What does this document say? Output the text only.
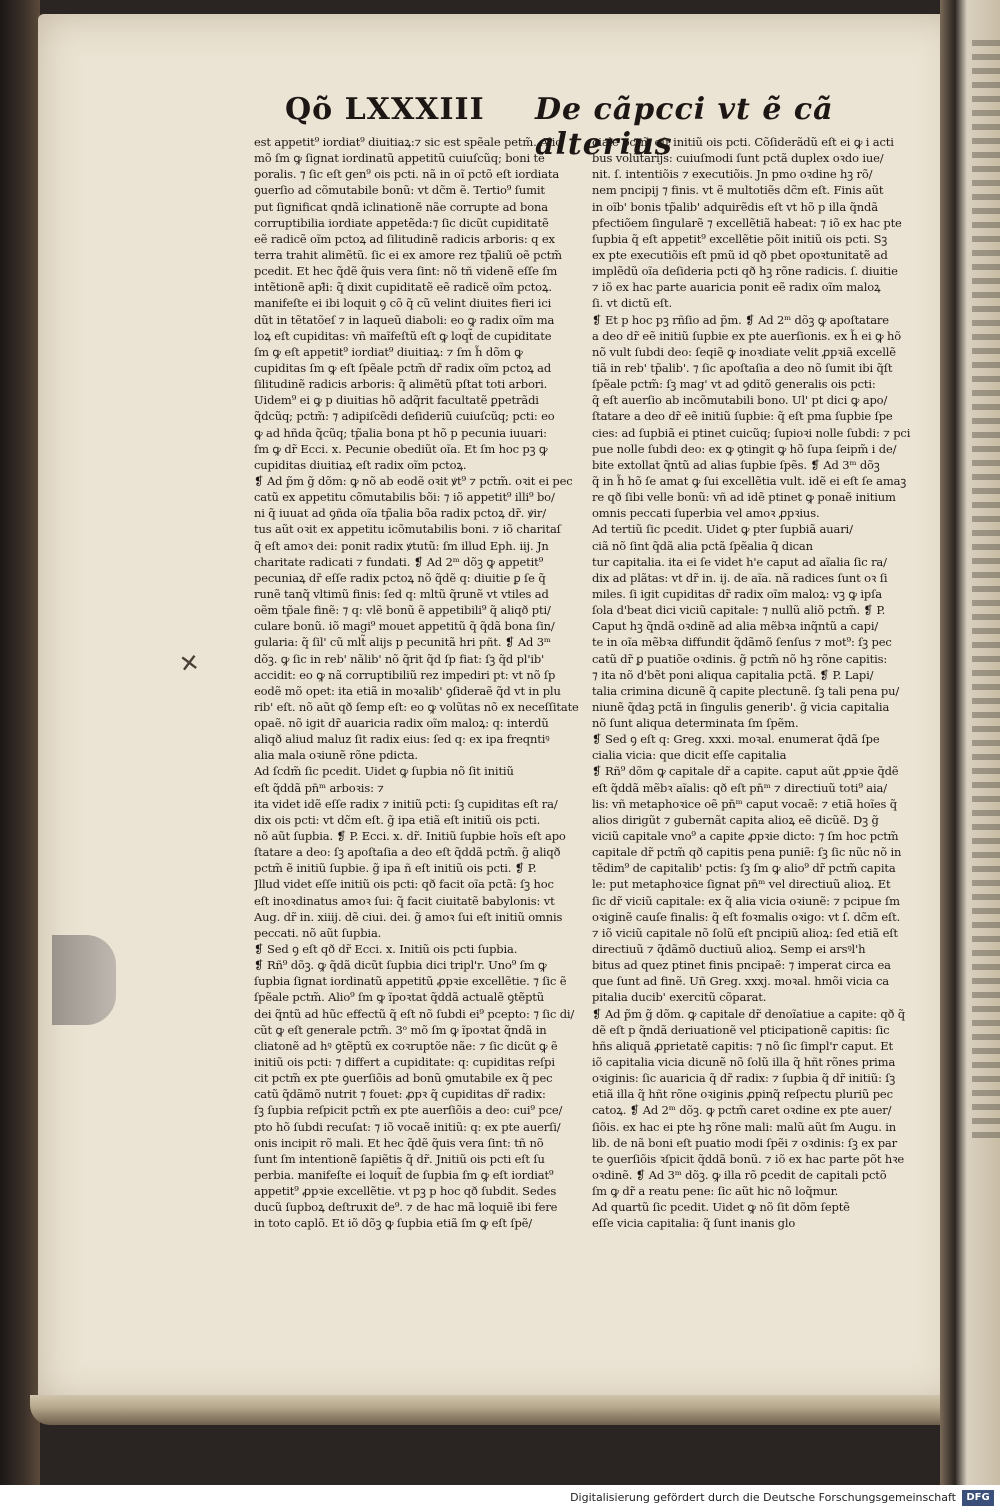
Qõ LXXXIII De cãpcci vt ẽ cã alterius
✕
est appetit⁹ iordiat⁹ diuitiaꝝ:⁊ sic est spẽale petm̃. Alio
mõ ſm ꝙ ſignat iordinatũ appetitũ cuiuſcũq; boni tẽ
poralis. ⁊ ſic eſt gen⁹ ois pcti. nã in oĩ pctõ eſt iordiata
ꝯuerſio ad cõmutabile bonũ: vt dc̃m ẽ. Tertio⁹ ſumit
put ſignificat qndã iclinationẽ nãe corrupte ad bona
corruptibilia iordiate appetẽda:⁊ ſic dicũt cupiditatẽ
eẽ radicẽ oĩm pctoꝝ ad ſilitudinẽ radicis arboris: q ex
terra trahit alimẽtũ. ſic ei ex amore rez tp̃aliũ oẽ pctm̃
pcedit. Et hec q̃dẽ q̃uis vera ſint: nõ tñ videnẽ eſſe ſm
intẽtionẽ apł̃i: q̃ dixit cupiditatẽ eẽ radicẽ oĩm pctoꝝ.
manifeſte ei ibi loquit ꝯ cõ q̃ cũ velint diuites fieri ici
dũt in tẽtatõeſ ⁊ in laqueũ diaboli: eo ꝙ radix oĩm ma
loꝝ eſt cupiditas: vñ maĩfeſtũ eſt ꝙ loqt̃ de cupiditate
ſm ꝙ eſt appetit⁹ iordiat⁹ diuitiaꝝ: ⁊ ſm h̃ dõm ꝙ
cupiditas ſm ꝙ eſt ſpẽale pctm̃ dr̃ radix oĩm pctoꝝ ad
ſilitudinẽ radicis arboris: q̃ alimẽtũ pſtat toti arbori.
Uidem⁹ ei ꝙ p diuitias hõ adq̃rit facultatẽ ꝑpetrãdi
q̃dcũq; pctm̃: ⁊ adipiſcẽdi deſideriũ cuiuſcũq; pcti: eo
ꝙ ad hñda q̃cũq; tp̃alia bona pt hõ p pecunia iuuari:
ſm ꝙ dr̃ Ecci. x. Pecunie obediũt oĩa. Et ſm hoc pꝫ ꝙ
cupiditas diuitiaꝝ eſt radix oĩm pctoꝝ.
❡ Ad p̃m g̃ dõm: ꝙ nõ ab eodẽ oꝛit ꝟt⁹ ⁊ pctm̃. oꝛit ei pec
catũ ex appetitu cõmutabilis bõi: ⁊ iõ appetit⁹ illi⁹ bo/
ni q̃ iuuat ad ꝯñda oĩa tp̃alia bõa radix pctoꝝ dr̃. ꝟir/
tus aũt oꝛit ex appetitu icõmutabilis boni. ⁊ iõ charitaſ
q̃ eſt amoꝛ dei: ponit radix ꝟtutũ: ſm illud Eph. iij. Jn
charitate radicati ⁊ fundati. ❡ Ad 2ᵐ dõꝫ ꝙ appetit⁹
pecuniaꝝ dr̃ eſſe radix pctoꝝ nõ q̃dẽ q: diuitie ꝑ ſe q̃
runẽ tanq̃ vltimũ finis: ſed q: mltũ q̃runẽ vt vtiles ad
oẽm tp̃ale finẽ: ⁊ q: vlẽ bonũ ẽ appetibili⁹ q̃ aliqð pti/
culare bonũ. iõ magi⁹ mouet appetitũ q̃ q̃dã bona ſin/
gularia: q̃ ſil' cũ mlt̃ alijs p pecunitã hri pñt. ❡ Ad 3ᵐ
dõꝫ. ꝙ ſic in reb' nãlib' nõ q̃rit q̃d ſp fiat: ſꝫ q̃d pl'ib'
accidit: eo ꝙ nã corruptibiliũ rez impediri pt: vt nõ ſp
eodẽ mõ opet: ita etiã in moꝛalib' ꝯſideraẽ q̃d vt in plu
rib' eſt. nõ aũt qð ſemp eſt: eo ꝙ volũtas nõ ex neceſſitate
opaẽ. nõ igit dr̃ auaricia radix oĩm maloꝝ: q: interdũ
aliqð aliud maluz ſit radix eius: ſed q: ex ipa freqntiꝰ
alia mala oꝛiunẽ rõne pdicta.
Ad ſcdm̃ ſic pcedit. Uidet ꝙ ſupbia nõ ſit initiũ
eſt q̃ddã pn̄ᵐ arboꝛis: ⁊
ita videt idẽ eſſe radix ⁊ initiũ pcti: ſꝫ cupiditas eſt ra/
dix ois pcti: vt dc̃m eſt. g̃ ipa etiã eſt initiũ ois pcti.
nõ aũt ſupbia. ❡ P. Ecci. x. dr̃. Initiũ ſupbie hoĩs eſt apo
ſtatare a deo: ſꝫ apoſtaſia a deo eſt q̃ddã pctm̃. g̃ aliqð
pctm̃ ẽ initiũ ſupbie. g̃ ipa ñ eſt initiũ ois pcti. ❡ P.
Jllud videt eſſe initiũ ois pcti: qð facit oĩa pctã: ſꝫ hoc
eſt inoꝛdinatus amoꝛ ſui: q̃ facit ciuitatẽ babylonis: vt
Aug. dr̃ in. xiiij. dẽ ciui. dei. g̃ amoꝛ ſui eſt initiũ omnis
peccati. nõ aũt ſupbia.
❡ Sed ꝯ eſt qð dr̃ Ecci. x. Initiũ ois pcti ſupbia.
❡ Rñ⁹ dõꝫ. ꝙ q̃dã dicũt ſupbia dici tripl'r. Uno⁹ ſm ꝙ
ſupbia ſignat iordinatũ appetitũ ꝓpꝛie excellẽtie. ⁊ ſic ẽ
ſpẽale pctm̃. Alio⁹ ſm ꝙ ĩpoꝛtat q̃ddã actualẽ ꝯtẽptũ
dei q̃ntũ ad hũc effectũ q̃ eſt nõ ſubdi ei⁹ pcepto: ⁊ ſic di/
cũt ꝙ eſt generale pctm̃. 3ᵒ mõ ſm ꝙ ĩpoꝛtat q̃ndã in
cliatonẽ ad hꝰ ꝯtẽptũ ex coꝛruptõe nãe: ⁊ ſic dicũt ꝙ ẽ
initiũ ois pcti: ⁊ differt a cupiditate: q: cupiditas reſpi
cit pctm̃ ex pte ꝯuerſiõis ad bonũ ꝯmutabile ex q̃ pec
catũ q̃dãmõ nutrit ⁊ fouet: ꝓpꝛ q̃ cupiditas dr̃ radix:
ſꝫ ſupbia reſpicit pctm̃ ex pte auerſiõis a deo: cui⁹ pce/
pto hõ ſubdi recuſat: ⁊ iõ vocaẽ initiũ: q: ex pte auerſi/
onis incipit rõ mali. Et hec q̃dẽ q̃uis vera ſint: tñ nõ
ſunt ſm intentionẽ ſapiẽtis q̃ dr̃. Jnitiũ ois pcti eſt ſu
perbia. manifeſte ei loquit̃ de ſupbia ſm ꝙ eſt iordiat⁹
appetit⁹ ꝓpꝛie excellẽtie. vt pꝫ p hoc qð ſubdit. Sedes
ducũ ſupboꝝ deſtruxit de⁹. ⁊ de hac mã loquiẽ ibi fere
in toto caplõ. Et iõ dõꝫ ꝙ ſupbia etiã ſm ꝙ eſt ſpẽ/
ciale pctm̃ eſt initiũ ois pcti. Cõſiderãdũ eſt ei ꝙ i acti
bus volũtarijs: cuiuſmodi ſunt pctã duplex oꝛdo iue/
nit. ſ. intentiõis ⁊ executiõis. Jn pmo oꝛdine hꝫ rõ/
nem pncipij ⁊ finis. vt ẽ multotiẽs dc̃m eſt. Finis aũt
in oĩb' bonis tp̃alib' adquirẽdis eſt vt hõ p illa q̃ndã
pfectiõem ſingularẽ ⁊ excellẽtiã habeat: ⁊ iõ ex hac pte
ſupbia q̃ eſt appetit⁹ excellẽtie põit initiũ ois pcti. Sꝫ
ex pte executiõis eſt pmũ id qð pbet opoꝛtunitatẽ ad
implẽdũ oĩa deſideria pcti qð hꝫ rõne radicis. ſ. diuitie
⁊ iõ ex hac parte auaricia ponit eẽ radix oĩm maloꝝ
ſi. vt dictũ eſt.
❡ Et p hoc pꝫ rñſio ad p̃m. ❡ Ad 2ᵐ dõꝫ ꝙ apoſtatare
a deo dr̃ eẽ initiũ ſupbie ex pte auerſionis. ex h̃ ei ꝙ hõ
nõ vult ſubdi deo: ſeqiẽ ꝙ inoꝛdiate velit ꝓpꝛiã excellẽ
tiã in reb' tp̃alib'. ⁊ ſic apoſtaſia a deo nõ ſumit ibi q̃ſt
ſpẽale pctm̃: ſꝫ mag' vt ad ꝯditõ generalis ois pcti:
q̃ eſt auerſio ab incõmutabili bono. Ul' pt dici ꝙ apo/
ſtatare a deo dr̃ eẽ initiũ ſupbie: q̃ eſt pma ſupbie ſpe
cies: ad ſupbiã ei ptinet cuicũq; ſupioꝛi nolle ſubdi: ⁊ pci
pue nolle ſubdi deo: ex ꝙ ꝯtingit ꝙ hõ ſupa ſeipm̃ i de/
bite extollat q̃ntũ ad alias ſupbie ſpẽs. ❡ Ad 3ᵐ dõꝫ
q̃ in h̃ hõ ſe amat ꝙ ſui excellẽtia vult. idẽ ei eſt ſe amaꝫ
re qð ſibi velle bonũ: vñ ad idẽ ptinet ꝙ ponaẽ initium
omnis peccati ſuperbia vel amoꝛ ꝓpꝛius.
Ad tertiũ ſic pcedit. Uidet ꝙ pter ſupbiã auari/
ciã nõ ſint q̃dã alia pctã ſpẽalia q̃ dican
tur capitalia. ita ei ſe videt h'e caput ad aĩalia ſic ra/
dix ad plãtas: vt dr̃ in. ij. de aĩa. nã radices ſunt oꝛ ſi
miles. ſi igit cupiditas dr̃ radix oĩm maloꝝ: vꝫ ꝙ ipſa
ſola d'beat dici viciũ capitale: ⁊ nullũ aliõ pctm̃. ❡ P.
Caput hꝫ q̃ndã oꝛdinẽ ad alia mẽbꝛa inq̃ntũ a capi/
te in oĩa mẽbꝛa diffundit q̃dãmõ ſenſus ⁊ mot⁹: ſꝫ pec
catũ dr̃ ꝑ puatiõe oꝛdinis. g̃ pctm̃ nõ hꝫ rõne capitis:
⁊ ita nõ d'bẽt poni aliqua capitalia pctã. ❡ P. Lapi/
talia crimina dicunẽ q̃ capite plectunẽ. ſꝫ tali pena pu/
niunẽ q̃daꝫ pctã in ſingulis generib'. g̃ vicia capitalia
nõ ſunt aliqua determinata ſm ſpẽm.
❡ Sed ꝯ eſt q: Greg. xxxi. moꝛal. enumerat q̃dã ſpe
cialia vicia: que dicit eſſe capitalia
❡ Rñ⁹ dõm ꝙ capitale dr̃ a capite. caput aũt ꝓpꝛie q̃dẽ
eſt q̃ddã mẽbꝛ aĩalis: qð eſt pn̄ᵐ ⁊ directiuũ toti⁹ aia/
lis: vñ metaphoꝛice oẽ pn̄ᵐ caput vocaẽ: ⁊ etiã hoĩes q̃
alios dirigũt ⁊ gubernãt capita alioꝝ eẽ dicũẽ. Dꝫ g̃
viciũ capitale vno⁹ a capite ꝓpꝛie dicto: ⁊ ſm hoc pctm̃
capitale dr̃ pctm̃ qð capitis pena puniẽ: ſꝫ ſic nũc nõ in
tẽdim⁹ de capitalib' pctis: ſꝫ ſm ꝙ alio⁹ dr̃ pctm̃ capita
le: put metaphoꝛice ſignat pn̄ᵐ vel directiuũ alioꝝ. Et
ſic dr̃ viciũ capitale: ex q̃ alia vicia oꝛiunẽ: ⁊ pcipue ſm
oꝛiginẽ cauſe finalis: q̃ eſt foꝛmalis oꝛigo: vt ſ. dc̃m eſt.
⁊ iõ viciũ capitale nõ ſolũ eſt pncipiũ alioꝝ: ſed etiã eſt
directiuũ ⁊ q̃dãmõ ductiuũ alioꝝ. Semp ei arsꝰl'h
bitus ad quez ptinet finis pncipaẽ: ⁊ imperat circa ea
que ſunt ad finẽ. Uñ Greg. xxxj. moꝛal. hmõi vicia ca
pitalia ducib' exercitũ cõparat.
❡ Ad p̃m g̃ dõm. ꝙ capitale dr̃ denoĩatiue a capite: qð q̃
dẽ eſt p q̃ndã deriuationẽ vel pticipationẽ capitis: ſic
hñs aliquã ꝓprietatẽ capitis: ⁊ nõ ſic ſimpl'r caput. Et
iõ capitalia vicia dicunẽ nõ ſolũ illa q̃ hñt rõnes prima
oꝛiginis: ſic auaricia q̃ dr̃ radix: ⁊ ſupbia q̃ dr̃ initiũ: ſꝫ
etiã illa q̃ hñt rõne oꝛiginis ꝓpinq̃ reſpectu pluriũ pec
catoꝝ. ❡ Ad 2ᵐ dõꝫ. ꝙ pctm̃ caret oꝛdine ex pte auer/
ſiõis. ex hac ei pte hꝫ rõne mali: malũ aũt ſm Augu. in
lib. de nã boni eſt puatio modi ſpẽi ⁊ oꝛdinis: ſꝫ ex par
te ꝯuerſiõis ꝛſpicit q̃ddã bonũ. ⁊ iõ ex hac parte põt hꝛe
oꝛdinẽ. ❡ Ad 3ᵐ dõꝫ. ꝙ illa rõ ꝑcedit de capitali pctõ
ſm ꝙ dr̃ a reatu pene: ſic aũt hic nõ loq̃mur.
Ad quartũ ſic pcedit. Uidet ꝙ nõ ſit dõm ſeptẽ
eſſe vicia capitalia: q̃ ſunt inanis glo
Digitalisierung gefördert durch die Deutsche Forschungsgemeinschaft	DFG
